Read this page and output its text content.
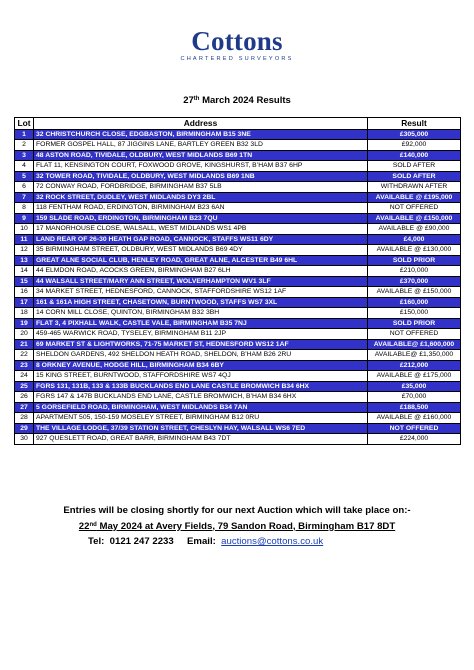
Cottons
CHARTERED SURVEYORS
27th March 2024 Results
Lot	Address	Result
1	32 CHRISTCHURCH CLOSE, EDGBASTON, BIRMINGHAM B15 3NE	£305,000
2	FORMER GOSPEL HALL, 87 JIGGINS LANE, BARTLEY GREEN B32 3LD	£92,000
3	48 ASTON ROAD, TIVIDALE, OLDBURY, WEST MIDLANDS B69 1TN	£140,000
4	FLAT 11, KENSINGTON COURT, FOXWOOD GROVE, KINGSHURST, B’HAM B37 6HP	SOLD AFTER
5	32 TOWER ROAD, TIVIDALE, OLDBURY, WEST MIDLANDS B69 1NB	SOLD AFTER
6	72 CONWAY ROAD, FORDBRIDGE, BIRMINGHAM B37 5LB	WITHDRAWN AFTER
7	32 ROCK STREET, DUDLEY, WEST MIDLANDS DY3 2BL	AVAILABLE @ £195,000
8	118 FENTHAM ROAD, ERDINGTON, BIRMINGHAM B23 6AN	NOT OFFERED
9	159 SLADE ROAD, ERDINGTON, BIRMINGHAM B23 7QU	AVAILABLE @ £150,000
10	17 MANORHOUSE CLOSE, WALSALL, WEST MIDLANDS WS1 4PB	AVAILABLE @ £90,000
11	LAND REAR OF 26-30 HEATH GAP ROAD, CANNOCK, STAFFS WS11 6DY	£4,000
12	35 BIRMINGHAM STREET, OLDBURY, WEST MIDLANDS B69 4DY	AVAILABLE @ £130,000
13	GREAT ALNE SOCIAL CLUB, HENLEY ROAD, GREAT ALNE, ALCESTER B49 6HL	SOLD PRIOR
14	44 ELMDON ROAD, ACOCKS GREEN, BIRMINGHAM B27 6LH	£210,000
15	44 WALSALL STREET/MARY ANN STREET, WOLVERHAMPTON WV1 3LF	£370,000
16	34 MARKET STREET, HEDNESFORD, CANNOCK, STAFFORDSHIRE WS12 1AF	AVAILABLE @ £150,000
17	161 & 161A HIGH STREET, CHASETOWN, BURNTWOOD, STAFFS WS7 3XL	£160,000
18	14 CORN MILL CLOSE, QUINTON, BIRMINGHAM B32 3BH	£150,000
19	FLAT 3, 4 PIXHALL WALK, CASTLE VALE, BIRMINGHAM B35 7NJ	SOLD PRIOR
20	459-465 WARWICK ROAD, TYSELEY, BIRMINGHAM B11 2JP	NOT OFFERED
21	69 MARKET ST & LIGHTWORKS, 71-75 MARKET ST, HEDNESFORD WS12 1AF	AVAILABLE@ £1,600,000
22	SHELDON GARDENS, 492 SHELDON HEATH ROAD, SHELDON, B’HAM B26 2RU	AVAILABLE@ £1,350,000
23	8 ORKNEY AVENUE, HODGE HILL, BIRMINGHAM B34 6BY	£212,000
24	15 KING STREET, BURNTWOOD, STAFFORDSHIRE WS7 4QJ	AVAILABLE @ £175,000
25	FGRS 131, 131B, 133 & 133B BUCKLANDS END LANE CASTLE BROMWICH B34 6HX	£35,000
26	FGRS 147 & 147B BUCKLANDS END LANE, CASTLE BROMWICH, B’HAM B34 6HX	£70,000
27	5 GORSEFIELD ROAD, BIRMINGHAM, WEST MIDLANDS B34 7AN	£188,500
28	APARTMENT 505, 150-159 MOSELEY STREET, BIRMINGHAM B12 0RU	AVAILABLE @ £160,000
29	THE VILLAGE LODGE, 37/39 STATION STREET, CHESLYN HAY, WALSALL WS6 7ED	NOT OFFERED
30	927 QUESLETT ROAD, GREAT BARR, BIRMINGHAM B43 7DT	£224,000
Entries will be closing shortly for our next Auction which will take place on:-
22nd May 2024 at Avery Fields, 79 Sandon Road, Birmingham B17 8DT
Tel:  0121 247 2233     Email:  auctions@cottons.co.uk
